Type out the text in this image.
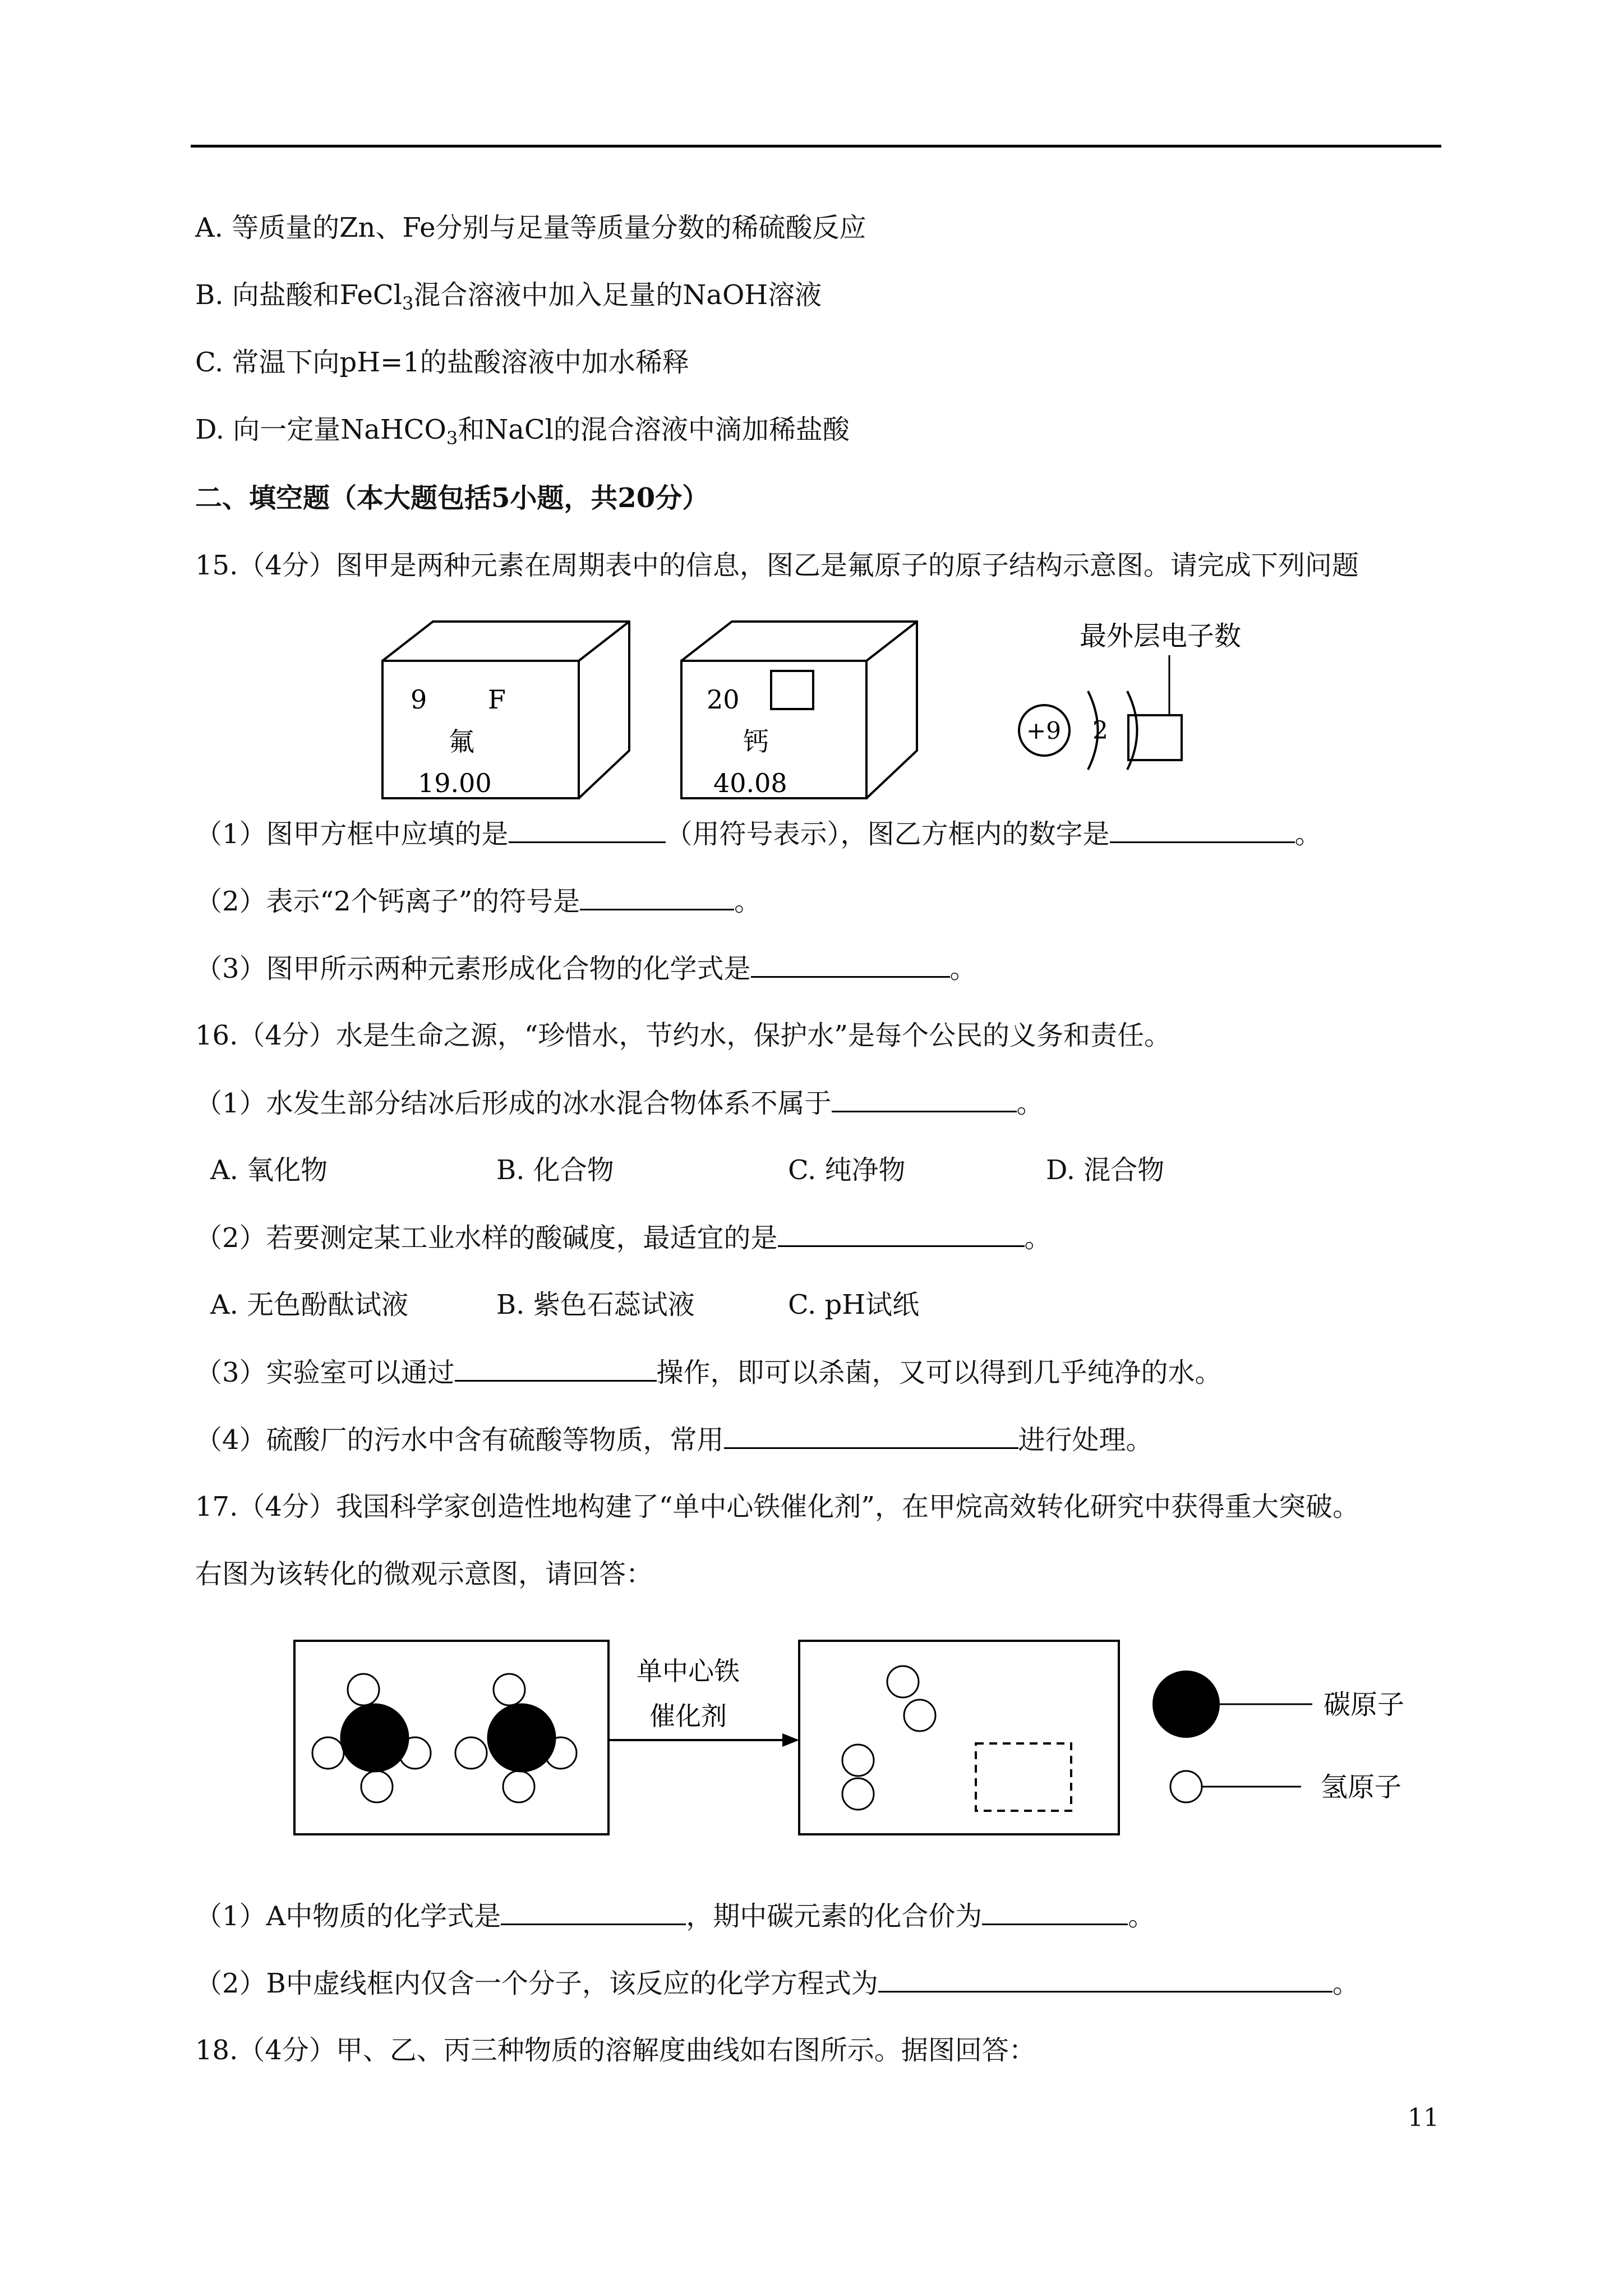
A. 等质量的Zn、Fe分别与足量等质量分数的稀硫酸反应
B. 向盐酸和FeCl$_3$混合溶液中加入足量的NaOH溶液
C. 常温下向pH=1的盐酸溶液中加水稀释
D. 向一定量NaHCO$_3$和NaCl的混合溶液中滴加稀盐酸
二、填空题（本大题包括5小题，共20分）
15.（4分）图甲是两种元素在周期表中的信息，图乙是氟原子的原子结构示意图。请完成下列问题
9 F
氟
19.00
20
钙
40.08
最外层电子数
+9 2
（1）图甲方框中应填的是	（用符号表示），图乙方框内的数字是	。
（2）表示“2个钙离子”的符号是	。
（3）图甲所示两种元素形成化合物的化学式是	。
16.（4分）水是生命之源，“珍惜水，节约水，保护水”是每个公民的义务和责任。
（1）水发生部分结冰后形成的冰水混合物体系不属于	。
A. 氧化物	B. 化合物	C. 纯净物	D. 混合物
（2）若要测定某工业水样的酸碱度，最适宜的是	。
A. 无色酚酞试液	B. 紫色石蕊试液	C. pH试纸
（3）实验室可以通过	操作，即可以杀菌，又可以得到几乎纯净的水。
（4）硫酸厂的污水中含有硫酸等物质，常用	进行处理。
17.（4分）我国科学家创造性地构建了“单中心铁催化剂”，在甲烷高效转化研究中获得重大突破。
右图为该转化的微观示意图，请回答：
单中心铁
催化剂	碳原子
氢原子
（1）A中物质的化学式是	，期中碳元素的化合价为	。
（2）B中虚线框内仅含一个分子，该反应的化学方程式为	。
18.（4分）甲、乙、丙三种物质的溶解度曲线如右图所示。据图回答：
11
